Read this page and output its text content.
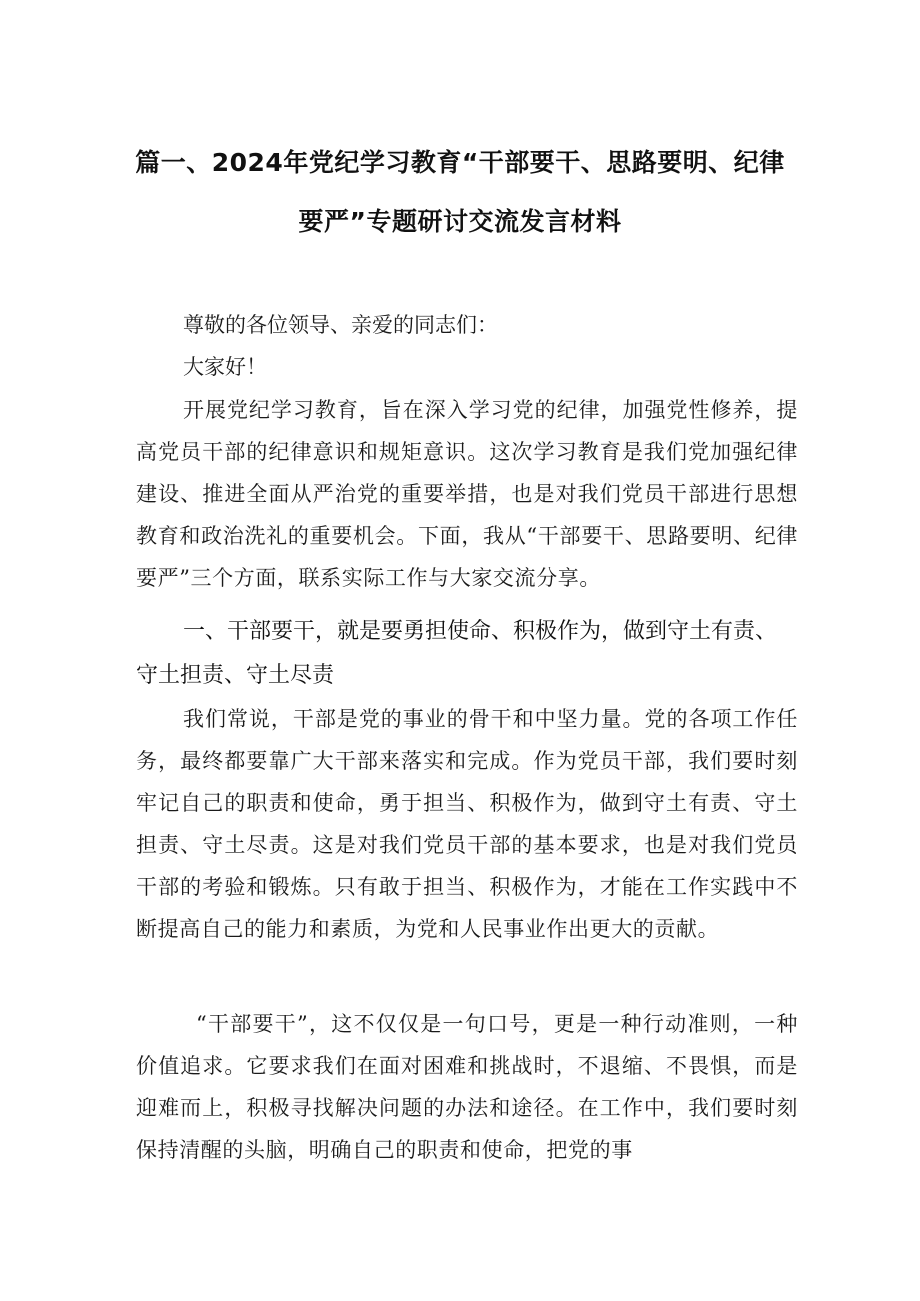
篇一、2024年党纪学习教育“干部要干、思路要明、纪律
要严”专题研讨交流发言材料
尊敬的各位领导、亲爱的同志们：
大家好！
开展党纪学习教育，旨在深入学习党的纪律，加强党性修养，提高党员干部的纪律意识和规矩意识。这次学习教育是我们党加强纪律建设、推进全面从严治党的重要举措，也是对我们党员干部进行思想教育和政治洗礼的重要机会。下面，我从“干部要干、思路要明、纪律要严”三个方面，联系实际工作与大家交流分享。
一、干部要干，就是要勇担使命、积极作为，做到守土有责、守土担责、守土尽责
我们常说，干部是党的事业的骨干和中坚力量。党的各项工作任务，最终都要靠广大干部来落实和完成。作为党员干部，我们要时刻牢记自己的职责和使命，勇于担当、积极作为，做到守土有责、守土担责、守土尽责。这是对我们党员干部的基本要求，也是对我们党员干部的考验和锻炼。只有敢于担当、积极作为，才能在工作实践中不断提高自己的能力和素质，为党和人民事业作出更大的贡献。
“干部要干”，这不仅仅是一句口号，更是一种行动准则，一种价值追求。它要求我们在面对困难和挑战时，不退缩、不畏惧，而是迎难而上，积极寻找解决问题的办法和途径。在工作中，我们要时刻保持清醒的头脑，明确自己的职责和使命，把党的事
